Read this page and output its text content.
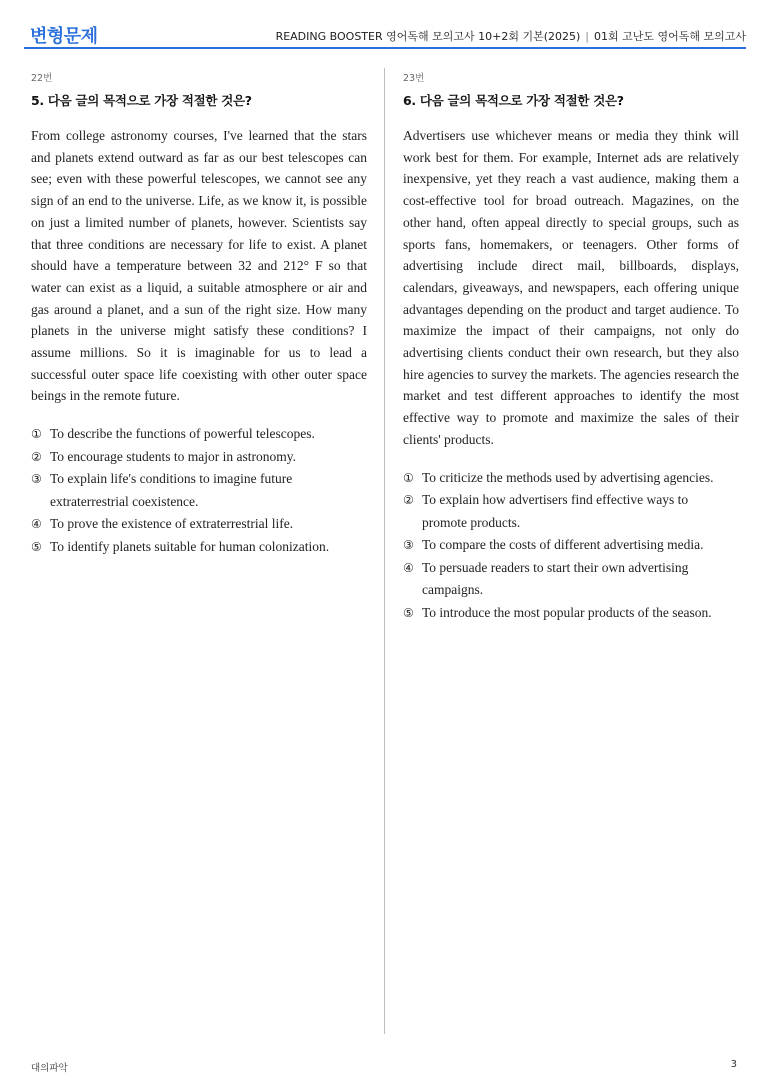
변형문제	READING BOOSTER 영어독해 모의고사 10+2회 기본(2025) | 01회 고난도 영어독해 모의고사
22번
5. 다음 글의 목적으로 가장 적절한 것은?

From college astronomy courses, I've learned that the stars and planets extend outward as far as our best telescopes can see; even with these powerful telescopes, we cannot see any sign of an end to the universe. Life, as we know it, is possible on just a limited number of planets, however. Scientists say that three conditions are necessary for life to exist. A planet should have a temperature between 32 and 212° F so that water can exist as a liquid, a suitable atmosphere or air and gas around a planet, and a sun of the right size. How many planets in the universe might satisfy these conditions? I assume millions. So it is imaginable for us to lead a successful outer space life coexisting with other outer space beings in the remote future.

① To describe the functions of powerful telescopes.
② To encourage students to major in astronomy.
③ To explain life's conditions to imagine future extraterrestrial coexistence.
④ To prove the existence of extraterrestrial life.
⑤ To identify planets suitable for human colonization.
23번
6. 다음 글의 목적으로 가장 적절한 것은?

Advertisers use whichever means or media they think will work best for them. For example, Internet ads are relatively inexpensive, yet they reach a vast audience, making them a cost-effective tool for broad outreach. Magazines, on the other hand, often appeal directly to special groups, such as sports fans, homemakers, or teenagers. Other forms of advertising include direct mail, billboards, displays, calendars, giveaways, and newspapers, each offering unique advantages depending on the product and target audience. To maximize the impact of their campaigns, not only do advertising clients conduct their own research, but they also hire agencies to survey the markets. The agencies research the market and test different approaches to identify the most effective way to promote and maximize the sales of their clients' products.

① To criticize the methods used by advertising agencies.
② To explain how advertisers find effective ways to promote products.
③ To compare the costs of different advertising media.
④ To persuade readers to start their own advertising campaigns.
⑤ To introduce the most popular products of the season.
대의파악	3
